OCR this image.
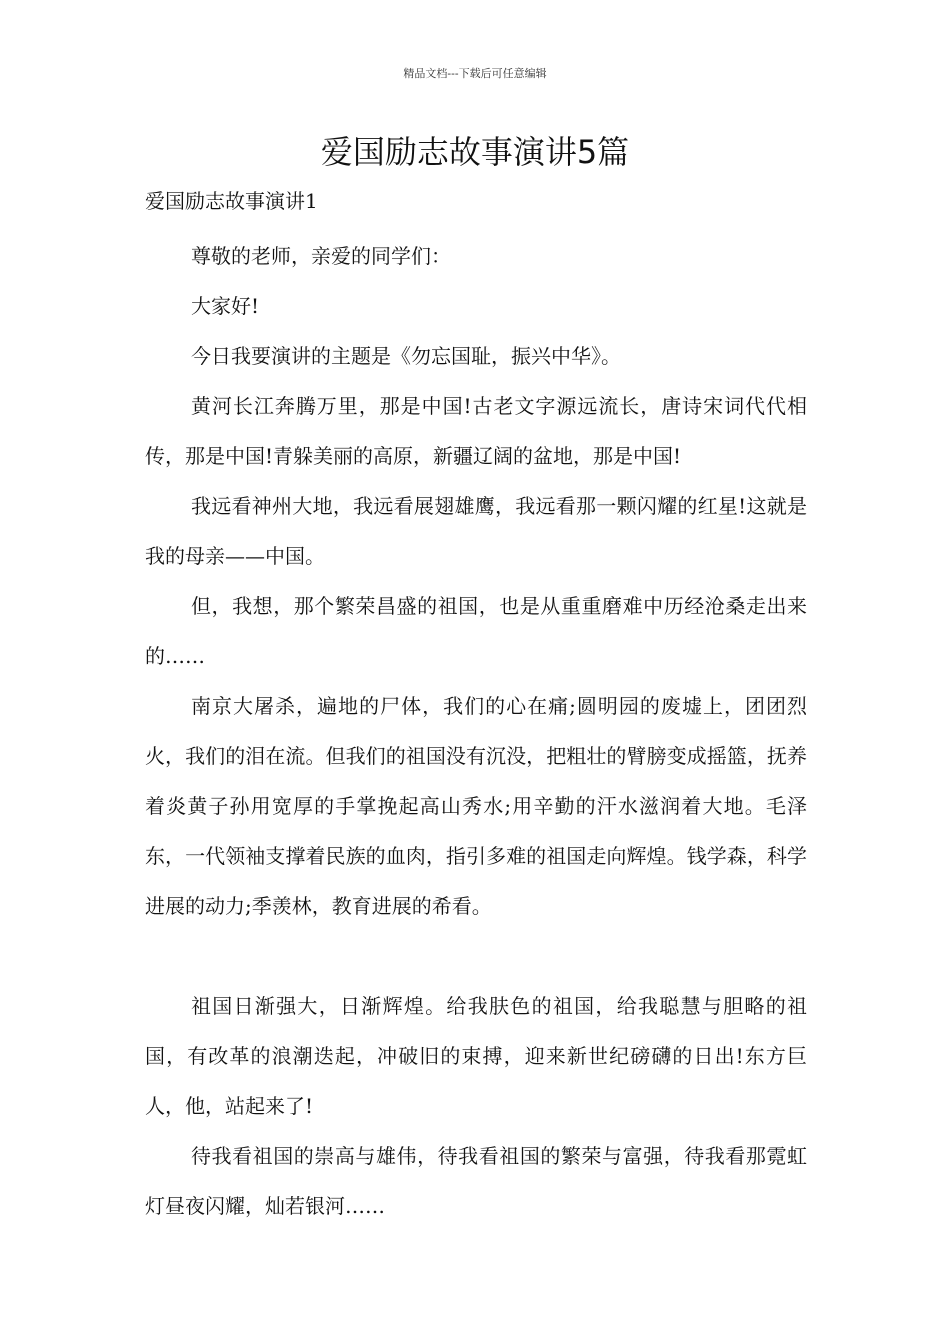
精品文档---下载后可任意编辑
爱国励志故事演讲5篇
爱国励志故事演讲1

尊敬的老师，亲爱的同学们：

大家好!

今日我要演讲的主题是《勿忘国耻，振兴中华》。

黄河长江奔腾万里，那是中国!古老文字源远流长，唐诗宋词代代相传，那是中国!青躲美丽的高原，新疆辽阔的盆地，那是中国!

我远看神州大地，我远看展翅雄鹰，我远看那一颗闪耀的红星!这就是我的母亲——中国。

但，我想，那个繁荣昌盛的祖国，也是从重重磨难中历经沧桑走出来的……

南京大屠杀，遍地的尸体，我们的心在痛;圆明园的废墟上，团团烈火，我们的泪在流。但我们的祖国没有沉没，把粗壮的臂膀变成摇篮，抚养着炎黄子孙用宽厚的手掌挽起高山秀水;用辛勤的汗水滋润着大地。毛泽东，一代领袖支撑着民族的血肉，指引多难的祖国走向辉煌。钱学森，科学进展的动力;季羡林，教育进展的希看。

祖国日渐强大，日渐辉煌。给我肤色的祖国，给我聪慧与胆略的祖国，有改革的浪潮迭起，冲破旧的束搏，迎来新世纪磅礴的日出!东方巨人，他，站起来了!

待我看祖国的崇高与雄伟，待我看祖国的繁荣与富强，待我看那霓虹灯昼夜闪耀，灿若银河……
